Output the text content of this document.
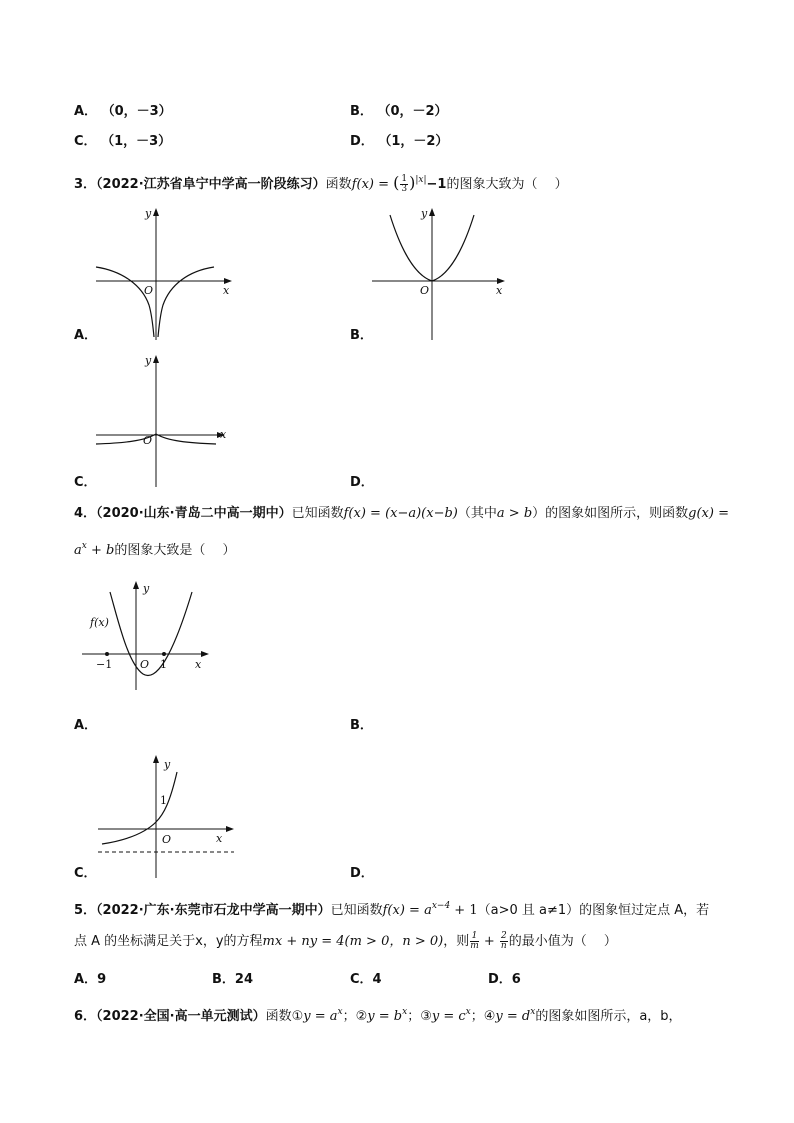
A． （0，－3）	B． （0，－2）
C． （1，－3）	D． （1，－2）
3．（2022·江苏省阜宁中学高一阶段练习）函数f(x) = ( $\frac{1}{3} )^{|x|}-1$的图象大致为（　 ）
y
x
O
A．
y
x
O
B．
y
x
O
C．	D．
4．（2020·山东·青岛二中高一期中）已知函数f(x) = (x−a)(x−b)（其中a > b）的图象如图所示，则函数g(x) =
$a^x + b$的图象大致是（　 ）
y
f(x)
−1	O 1	x
A．	B．
y
1
O	x
C．	D．
5．（2022·广东·东莞市石龙中学高一期中）已知函数$f(x) = a^{x-4} + 1(a>0$ 且 a≠1）的图象恒过定点 A，若
点 A 的坐标满足关于x，y的方程mx + ny = 4(m > 0，n > 0)，则 $\frac{1}{m} + \frac{2}{n}$ 的最小值为（　 ）
A．9	B．24	C．4	D．6
6．（2022·全国·高一单元测试）函数①y = $a^x$；②y = $b^x$；③y = $c^x$；④y = $d^x$的图象如图所示，a，b，
